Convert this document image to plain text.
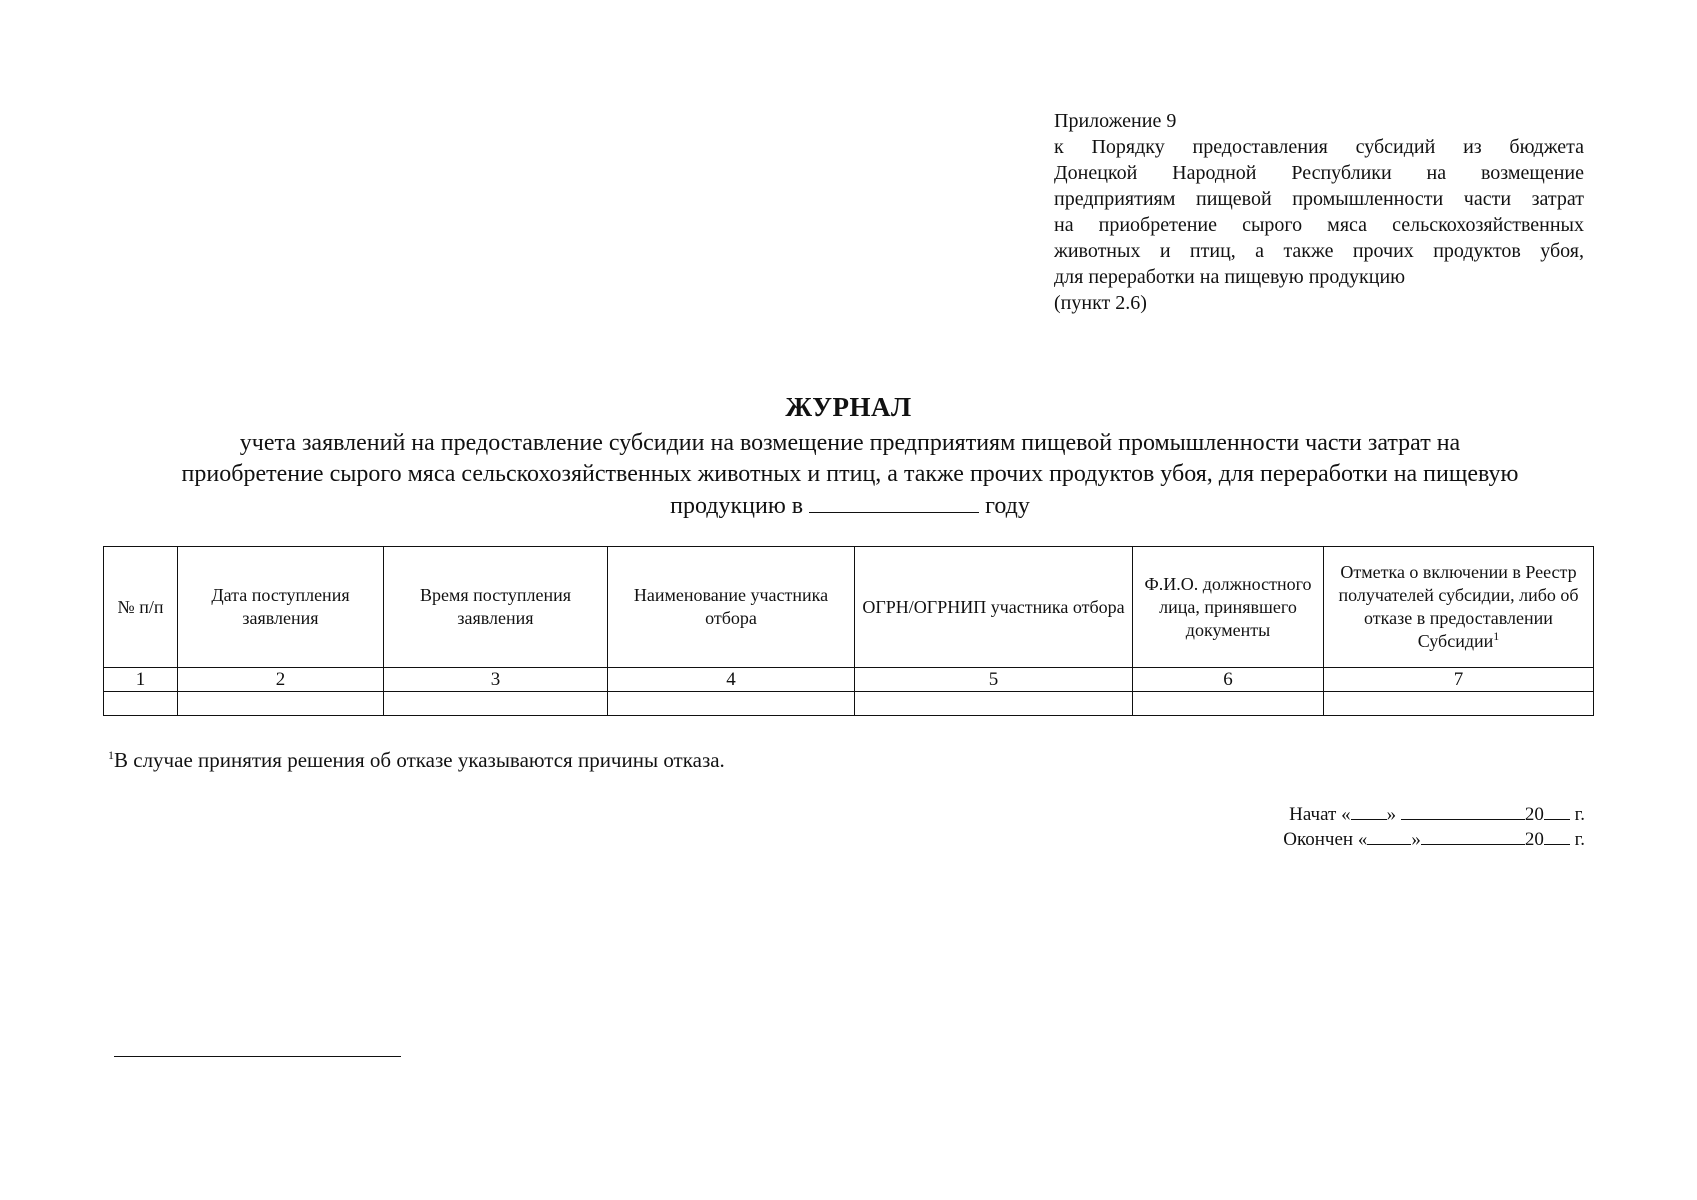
Приложение 9
к Порядку предоставления субсидий из бюджета
Донецкой Народной Республики на возмещение
предприятиям пищевой промышленности части затрат
на приобретение сырого мяса сельскохозяйственных
животных и птиц, а также прочих продуктов убоя,
для переработки на пищевую продукцию
(пункт 2.6)
ЖУРНАЛ
учета заявлений на предоставление субсидии на возмещение предприятиям пищевой промышленности части затрат на
приобретение сырого мяса сельскохозяйственных животных и птиц, а также прочих продуктов убоя, для переработки на пищевую
продукцию в	году
№ п/п	Дата поступления заявления	Время поступления заявления	Наименование участника отбора	ОГРН/ОГРНИП участника отбора	Ф.И.О. должностного лица, принявшего документы	Отметка о включении в Реестр получателей субсидии, либо об отказе в предоставлении Субсидии$^1$
1	2	3	4	5	6	7

$^1$В случае принятия решения об отказе указываются причины отказа.
Начат « »	20 г.
Окончен « »	20 г.
